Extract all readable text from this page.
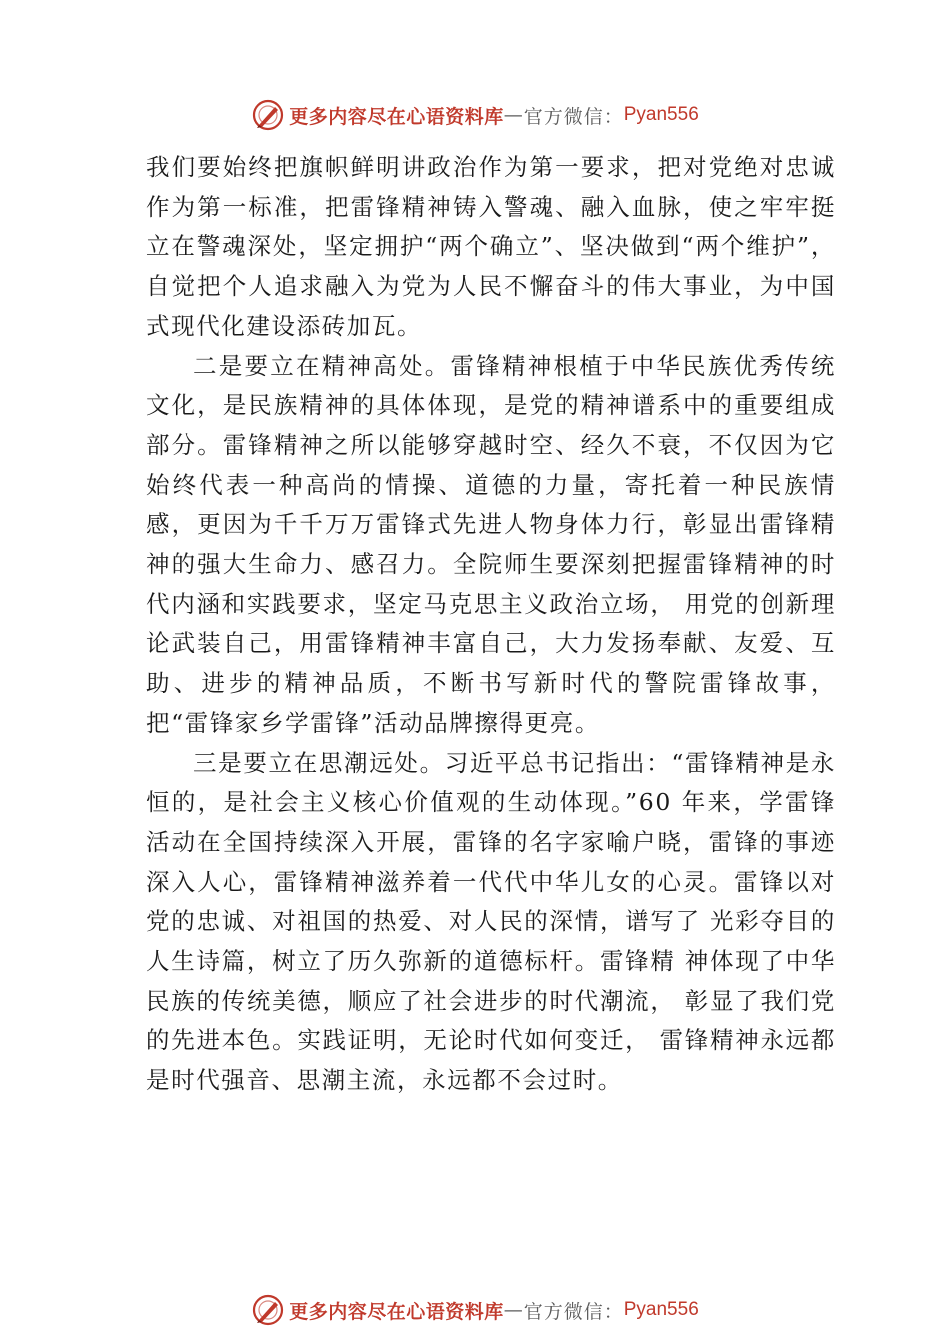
更多内容尽在心语资料库 — 官方微信： Pyan556

我们要始终把旗帜鲜明讲政治作为第一要求，把对党绝对忠诚作为第一标准，把雷锋精神铸入警魂、融入血脉，使之牢牢挺立在警魂深处，坚定拥护“两个确立”、坚决做到“两个维护”，自觉把个人追求融入为党为人民不懈奋斗的伟大事业，为中国式现代化建设添砖加瓦。

二是要立在精神高处。雷锋精神根植于中华民族优秀传统文化，是民族精神的具体体现，是党的精神谱系中的重要组成部分。雷锋精神之所以能够穿越时空、经久不衰，不仅因为它始终代表一种高尚的情操、道德的力量，寄托着一种民族情感，更因为千千万万雷锋式先进人物身体力行，彰显出雷锋精神的强大生命力、感召力。全院师生要深刻把握雷锋精神的时代内涵和实践要求，坚定马克思主义政治立场， 用党的创新理论武装自己，用雷锋精神丰富自己，大力发扬奉献、友爱、互助、进步的精神品质，不断书写新时代的警院雷锋故事，把“雷锋家乡学雷锋”活动品牌擦得更亮。

三是要立在思潮远处。习近平总书记指出：“雷锋精神是永恒的，是社会主义核心价值观的生动体现。”60 年来，学雷锋活动在全国持续深入开展，雷锋的名字家喻户晓，雷锋的事迹深入人心，雷锋精神滋养着一代代中华儿女的心灵。雷锋以对党的忠诚、对祖国的热爱、对人民的深情，谱写了 光彩夺目的人生诗篇，树立了历久弥新的道德标杆。雷锋精 神体现了中华民族的传统美德，顺应了社会进步的时代潮流， 彰显了我们党的先进本色。实践证明，无论时代如何变迁， 雷锋精神永远都是时代强音、思潮主流，永远都不会过时。

更多内容尽在心语资料库 — 官方微信： Pyan556
